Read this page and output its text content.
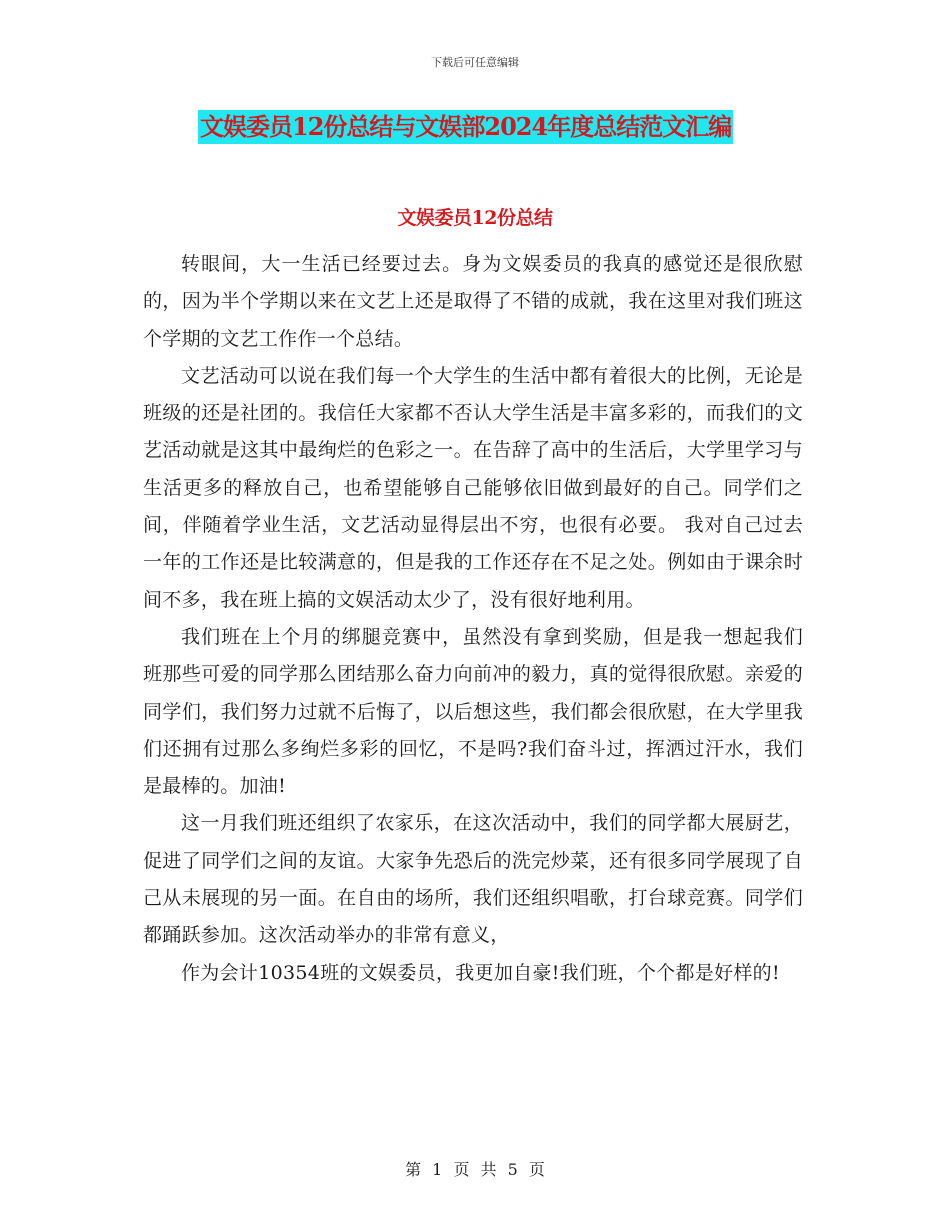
下载后可任意编辑
文娱委员12份总结与文娱部2024年度总结范文汇编
文娱委员12份总结

转眼间，大一生活已经要过去。身为文娱委员的我真的感觉还是很欣慰的，因为半个学期以来在文艺上还是取得了不错的成就，我在这里对我们班这个学期的文艺工作作一个总结。

文艺活动可以说在我们每一个大学生的生活中都有着很大的比例，无论是班级的还是社团的。我信任大家都不否认大学生活是丰富多彩的，而我们的文艺活动就是这其中最绚烂的色彩之一。在告辞了高中的生活后，大学里学习与生活更多的释放自己，也希望能够自己能够依旧做到最好的自己。同学们之间，伴随着学业生活，文艺活动显得层出不穷，也很有必要。 我对自己过去一年的工作还是比较满意的，但是我的工作还存在不足之处。例如由于课余时间不多，我在班上搞的文娱活动太少了，没有很好地利用。

我们班在上个月的绑腿竞赛中，虽然没有拿到奖励，但是我一想起我们 班那些可爱的同学那么团结那么奋力向前冲的毅力，真的觉得很欣慰。亲爱的同学们，我们努力过就不后悔了，以后想这些，我们都会很欣慰，在大学里我们还拥有过那么多绚烂多彩的回忆，不是吗?我们奋斗过，挥洒过汗水，我们是最棒的。加油!

这一月我们班还组织了农家乐，在这次活动中，我们的同学都大展厨艺，促进了同学们之间的友谊。大家争先恐后的洗完炒菜，还有很多同学展现了自己从未展现的另一面。在自由的场所，我们还组织唱歌，打台球竞赛。同学们都踊跃参加。这次活动举办的非常有意义，

作为会计10354班的文娱委员，我更加自豪!我们班，个个都是好样的!

第 1 页 共 5 页
